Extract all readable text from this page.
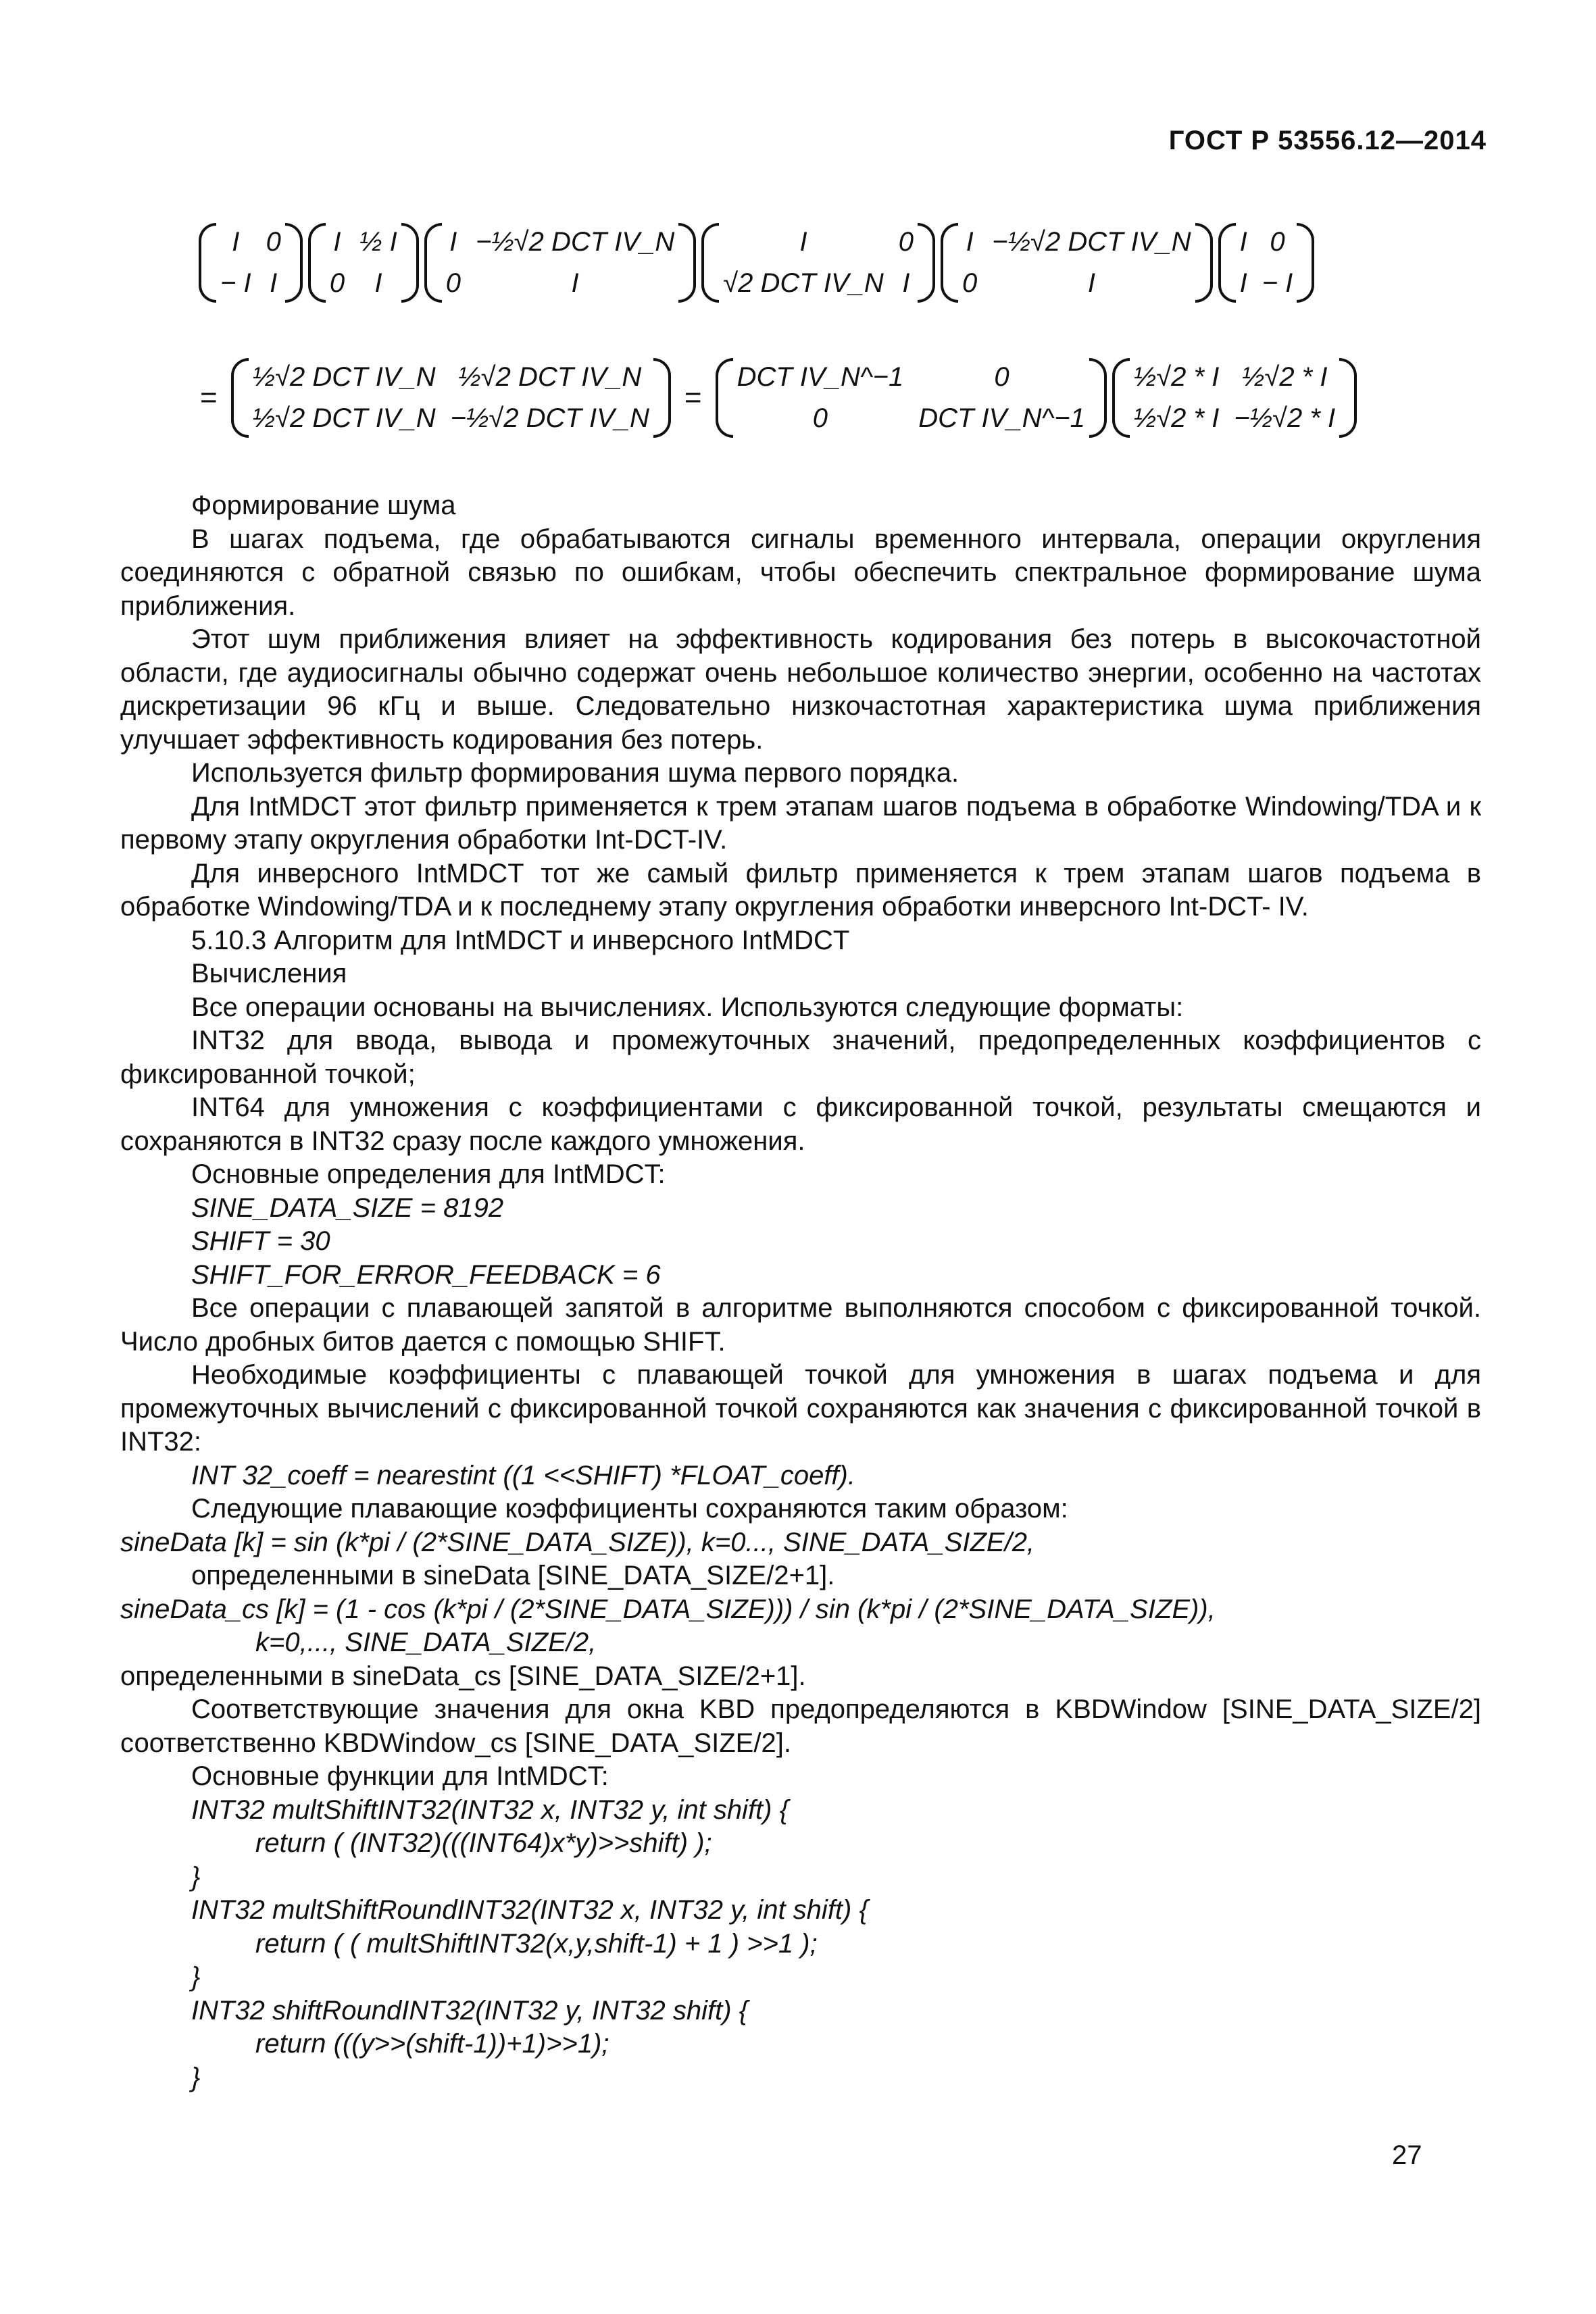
ГОСТ Р 53556.12—2014
I 0
− I I
I ½ I
0	I
I −½√2 DCT IV_N
0	I
I	0
√2 DCT IV_N I
I −½√2 DCT IV_N
0	I
I 0
I − I
=
½√2 DCT IV_N ½√2 DCT IV_N
½√2 DCT IV_N −½√2 DCT IV_N
=
DCT IV_N^−1	0
0	DCT IV_N^−1
½√2 * I ½√2 * I
½√2 * I −½√2 * I

Формирование шума

В шагах подъема, где обрабатываются сигналы временного интервала, операции округления соединяются с обратной связью по ошибкам, чтобы обеспечить спектральное формирование шума приближения.

Этот шум приближения влияет на эффективность кодирования без потерь в высокочастотной области, где аудиосигналы обычно содержат очень небольшое количество энергии, особенно на частотах дискретизации 96 кГц и выше. Следовательно низкочастотная характеристика шума приближения улучшает эффективность кодирования без потерь.

Используется фильтр формирования шума первого порядка.

Для IntMDCT этот фильтр применяется к трем этапам шагов подъема в обработке Windowing/TDA и к первому этапу округления обработки Int-DCT-IV.

Для инверсного IntMDCT тот же самый фильтр применяется к трем этапам шагов подъема в обработке Windowing/TDA и к последнему этапу округления обработки инверсного Int-DCT- IV.

5.10.3 Алгоритм для IntMDCT и инверсного IntMDCT

Вычисления

Все операции основаны на вычислениях. Используются следующие форматы:

INT32 для ввода, вывода и промежуточных значений, предопределенных коэффициентов с фиксированной точкой;

INT64 для умножения с коэффициентами с фиксированной точкой, результаты смещаются и сохраняются в INT32 сразу после каждого умножения.

Основные определения для IntMDCT:

SINE_DATA_SIZE = 8192

SHIFT = 30

SHIFT_FOR_ERROR_FEEDBACK = 6

Все операции с плавающей запятой в алгоритме выполняются способом с фиксированной точкой. Число дробных битов дается с помощью SHIFT.

Необходимые коэффициенты с плавающей точкой для умножения в шагах подъема и для промежуточных вычислений с фиксированной точкой сохраняются как значения с фиксированной точкой в INT32:

INT 32_coeff = nearestint ((1 <<SHIFT) *FLOAT_coeff).

Следующие плавающие коэффициенты сохраняются таким образом:

sineData [k] = sin (k*pi / (2*SINE_DATA_SIZE)), k=0..., SINE_DATA_SIZE/2,

определенными в sineData [SINE_DATA_SIZE/2+1].

sineData_cs [k] = (1 - cos (k*pi / (2*SINE_DATA_SIZE))) / sin (k*pi / (2*SINE_DATA_SIZE)),

k=0,..., SINE_DATA_SIZE/2,

определенными в sineData_cs [SINE_DATA_SIZE/2+1].

Соответствующие значения для окна KBD предопределяются в KBDWindow [SINE_DATA_SIZE/2] соответственно KBDWindow_cs [SINE_DATA_SIZE/2].

Основные функции для IntMDCT:

INT32 multShiftINT32(INT32 x, INT32 y, int shift) {

return ( (INT32)(((INT64)x*y)>>shift) );

}

INT32 multShiftRoundINT32(INT32 x, INT32 y, int shift) {

return ( ( multShiftINT32(x,y,shift-1) + 1 ) >>1 );

}

INT32 shiftRoundINT32(INT32 y, INT32 shift) {

return (((y>>(shift-1))+1)>>1);

}

27
